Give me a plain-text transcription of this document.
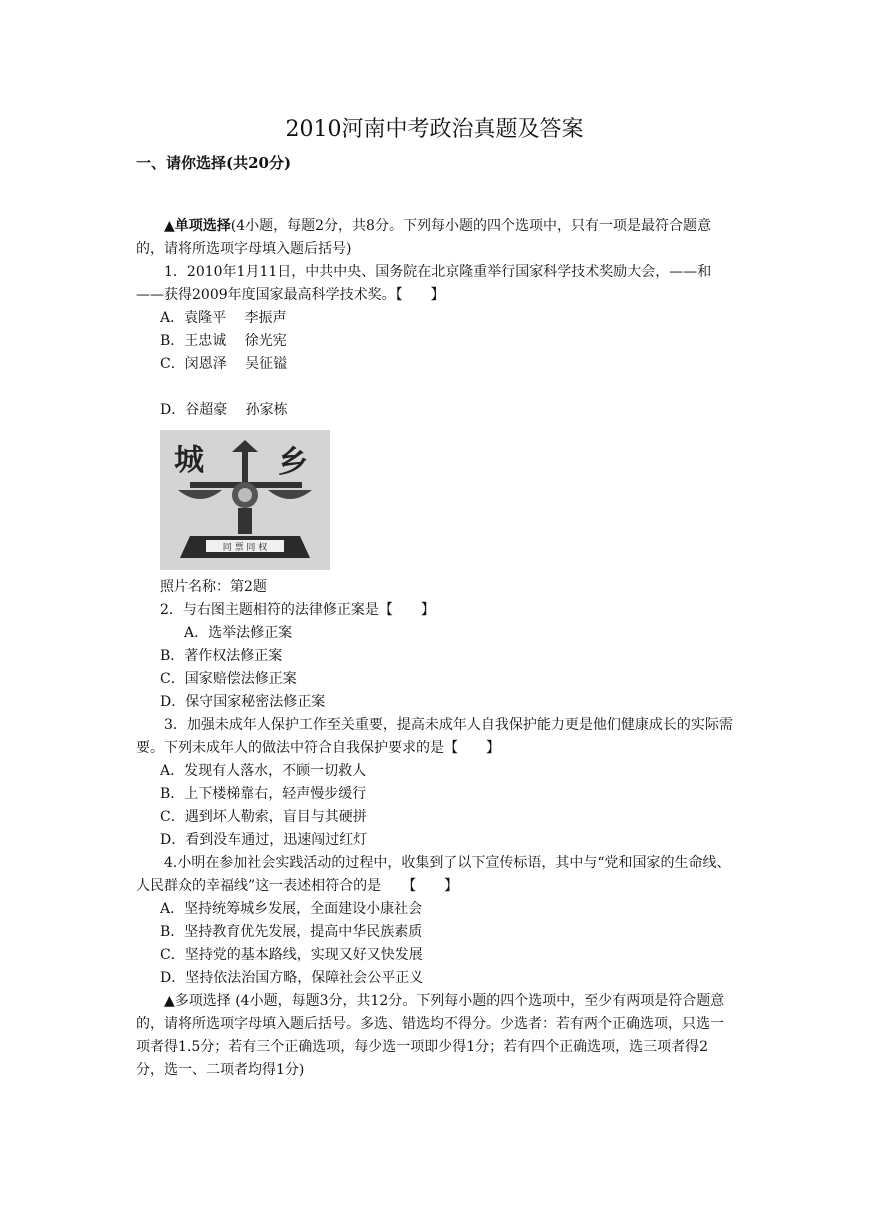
2010河南中考政治真题及答案
一、请你选择(共20分)

▲单项选择(4小题，每题2分，共8分。下列每小题的四个选项中，只有一项是最符合题意的，请将所选项字母填入题后括号)

1．2010年1月11日，中共中央、国务院在北京隆重举行国家科学技术奖励大会，——和——获得2009年度国家最高科学技术奖。【　　】

A．袁隆平　 李振声

B．王忠诚　 徐光宪

C．闵恩泽　 吴征镒

D．谷超豪　 孙家栋

城 乡
同 票 同 权

照片名称：第2题

2．与右图主题相符的法律修正案是【　　】

A．选举法修正案

B．著作权法修正案

C．国家赔偿法修正案

D．保守国家秘密法修正案

3．加强未成年人保护工作至关重要，提高未成年人自我保护能力更是他们健康成长的实际需要。下列未成年人的做法中符合自我保护要求的是【　　】

A．发现有人落水，不顾一切救人

B．上下楼梯靠右，轻声慢步缓行

C．遇到坏人勒索，盲目与其硬拼

D．看到没车通过，迅速闯过红灯

4.小明在参加社会实践活动的过程中，收集到了以下宣传标语，其中与“党和国家的生命线、人民群众的幸福线”这一表述相符合的是　　【　　】

A．坚持统筹城乡发展，全面建设小康社会

B．坚持教育优先发展，提高中华民族素质

C．坚持党的基本路线，实现又好又快发展

D．坚持依法治国方略，保障社会公平正义

▲多项选择 (4小题，每题3分，共12分。下列每小题的四个选项中，至少有两项是符合题意的，请将所选项字母填入题后括号。多选、错选均不得分。少选者：若有两个正确选项，只选一项者得1.5分；若有三个正确选项，每少选一项即少得1分；若有四个正确选项，选三项者得2分，选一、二项者均得1分)
